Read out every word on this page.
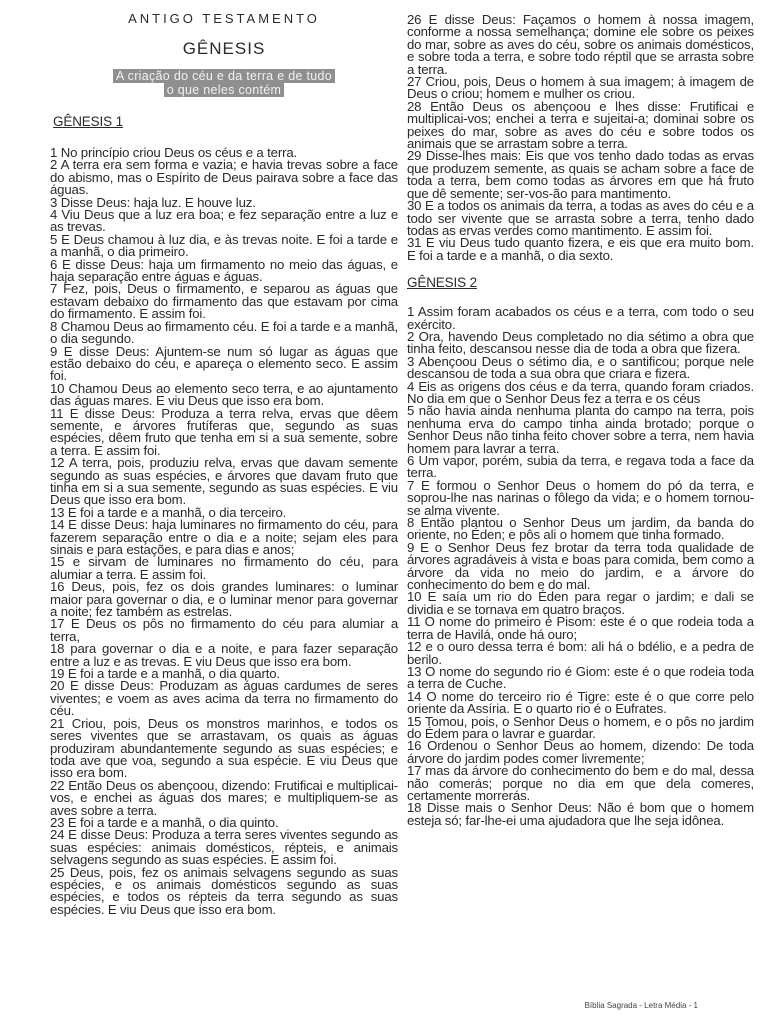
ANTIGO TESTAMENTO
GÊNESIS
A criação do céu e da terra e de tudo
o que neles contém
GÊNESIS 1

1 No princípio criou Deus os céus e a terra.

2 A terra era sem forma e vazia; e havia trevas sobre a face do abismo, mas o Espírito de Deus pairava sobre a face das águas.

3 Disse Deus: haja luz. E houve luz.

4 Viu Deus que a luz era boa; e fez separação entre a luz e as trevas.

5 E Deus chamou à luz dia, e às trevas noite. E foi a tarde e a manhã, o dia primeiro.

6 E disse Deus: haja um firmamento no meio das águas, e haja separação entre águas e águas.

7 Fez, pois, Deus o firmamento, e separou as águas que estavam debaixo do firmamento das que estavam por cima do firmamento. E assim foi.

8 Chamou Deus ao firmamento céu. E foi a tarde e a manhã, o dia segundo.

9 E disse Deus: Ajuntem-se num só lugar as águas que estão debaixo do céu, e apareça o elemento seco. E assim foi.

10 Chamou Deus ao elemento seco terra, e ao ajuntamento das águas mares. E viu Deus que isso era bom.

11 E disse Deus: Produza a terra relva, ervas que dêem semente, e árvores frutíferas que, segundo as suas espécies, dêem fruto que tenha em si a sua semente, sobre a terra. E assim foi.

12 A terra, pois, produziu relva, ervas que davam semente segundo as suas espécies, e árvores que davam fruto que tinha em si a sua semente, segundo as suas espécies. E viu Deus que isso era bom.

13 E foi a tarde e a manhã, o dia terceiro.

14 E disse Deus: haja luminares no firmamento do céu, para fazerem separação entre o dia e a noite; sejam eles para sinais e para estações, e para dias e anos;

15 e sirvam de luminares no firmamento do céu, para alumiar a terra. E assim foi.

16 Deus, pois, fez os dois grandes luminares: o luminar maior para governar o dia, e o luminar menor para governar a noite; fez também as estrelas.

17 E Deus os pôs no firmamento do céu para alumiar a terra,

18 para governar o dia e a noite, e para fazer separação entre a luz e as trevas. E viu Deus que isso era bom.

19 E foi a tarde e a manhã, o dia quarto.

20 E disse Deus: Produzam as águas cardumes de seres viventes; e voem as aves acima da terra no firmamento do céu.

21 Criou, pois, Deus os monstros marinhos, e todos os seres viventes que se arrastavam, os quais as águas produziram abundantemente segundo as suas espécies; e toda ave que voa, segundo a sua espécie. E viu Deus que isso era bom.

22 Então Deus os abençoou, dizendo: Frutificai e multiplicai-vos, e enchei as águas dos mares; e multipliquem-se as aves sobre a terra.

23 E foi a tarde e a manhã, o dia quinto.

24 E disse Deus: Produza a terra seres viventes segundo as suas espécies: animais domésticos, répteis, e animais selvagens segundo as suas espécies. E assim foi.

25 Deus, pois, fez os animais selvagens segundo as suas espécies, e os animais domésticos segundo as suas espécies, e todos os répteis da terra segundo as suas espécies. E viu Deus que isso era bom.

26 E disse Deus: Façamos o homem à nossa imagem, conforme a nossa semelhança; domine ele sobre os peixes do mar, sobre as aves do céu, sobre os animais domésticos, e sobre toda a terra, e sobre todo réptil que se arrasta sobre a terra.

27 Criou, pois, Deus o homem à sua imagem; à imagem de Deus o criou; homem e mulher os criou.

28 Então Deus os abençoou e lhes disse: Frutificai e multiplicai-vos; enchei a terra e sujeitai-a; dominai sobre os peixes do mar, sobre as aves do céu e sobre todos os animais que se arrastam sobre a terra.

29 Disse-lhes mais: Eis que vos tenho dado todas as ervas que produzem semente, as quais se acham sobre a face de toda a terra, bem como todas as árvores em que há fruto que dê semente; ser-vos-ão para mantimento.

30 E a todos os animais da terra, a todas as aves do céu e a todo ser vivente que se arrasta sobre a terra, tenho dado todas as ervas verdes como mantimento. E assim foi.

31 E viu Deus tudo quanto fizera, e eis que era muito bom. E foi a tarde e a manhã, o dia sexto.

GÊNESIS 2

1 Assim foram acabados os céus e a terra, com todo o seu exército.

2 Ora, havendo Deus completado no dia sétimo a obra que tinha feito, descansou nesse dia de toda a obra que fizera.

3 Abençoou Deus o sétimo dia, e o santificou; porque nele descansou de toda a sua obra que criara e fizera.

4 Eis as origens dos céus e da terra, quando foram criados. No dia em que o Senhor Deus fez a terra e os céus

5 não havia ainda nenhuma planta do campo na terra, pois nenhuma erva do campo tinha ainda brotado; porque o Senhor Deus não tinha feito chover sobre a terra, nem havia homem para lavrar a terra.

6 Um vapor, porém, subia da terra, e regava toda a face da terra.

7 E formou o Senhor Deus o homem do pó da terra, e soprou-lhe nas narinas o fôlego da vida; e o homem tornou-se alma vivente.

8 Então plantou o Senhor Deus um jardim, da banda do oriente, no Éden; e pôs ali o homem que tinha formado.

9 E o Senhor Deus fez brotar da terra toda qualidade de árvores agradáveis à vista e boas para comida, bem como a árvore da vida no meio do jardim, e a árvore do conhecimento do bem e do mal.

10 E saía um rio do Éden para regar o jardim; e dali se dividia e se tornava em quatro braços.

11 O nome do primeiro é Pisom: este é o que rodeia toda a terra de Havilá, onde há ouro;

12 e o ouro dessa terra é bom: ali há o bdélio, e a pedra de berilo.

13 O nome do segundo rio é Giom: este é o que rodeia toda a terra de Cuche.

14 O nome do terceiro rio é Tigre: este é o que corre pelo oriente da Assíria. E o quarto rio é o Eufrates.

15 Tomou, pois, o Senhor Deus o homem, e o pôs no jardim do Édem para o lavrar e guardar.

16 Ordenou o Senhor Deus ao homem, dizendo: De toda árvore do jardim podes comer livremente;

17 mas da árvore do conhecimento do bem e do mal, dessa não comerás; porque no dia em que dela comeres, certamente morrerás.

18 Disse mais o Senhor Deus: Não é bom que o homem esteja só; far-lhe-ei uma ajudadora que lhe seja idônea.

Bíblia Sagrada - Letra Média - 1
